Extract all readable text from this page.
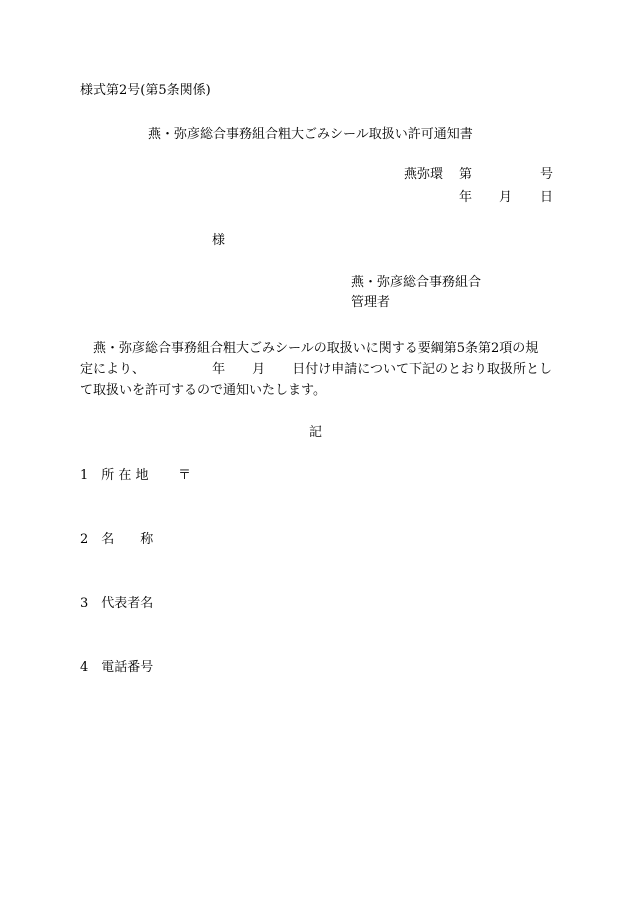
様式第2号(第5条関係)
燕・弥彦総合事務組合粗大ごみシール取扱い許可通知書
燕弥環 第	号
年 月 日
様
燕・弥彦総合事務組合
管理者
燕・弥彦総合事務組合粗大ごみシールの取扱いに関する要綱第5条第2項の規
定により、	年 月 日付け申請について下記のとおり取扱所とし
て取扱いを許可するので通知いたします。
記
1　所 在 地 〒
2　名　　称
3　代表者名
4　電話番号
